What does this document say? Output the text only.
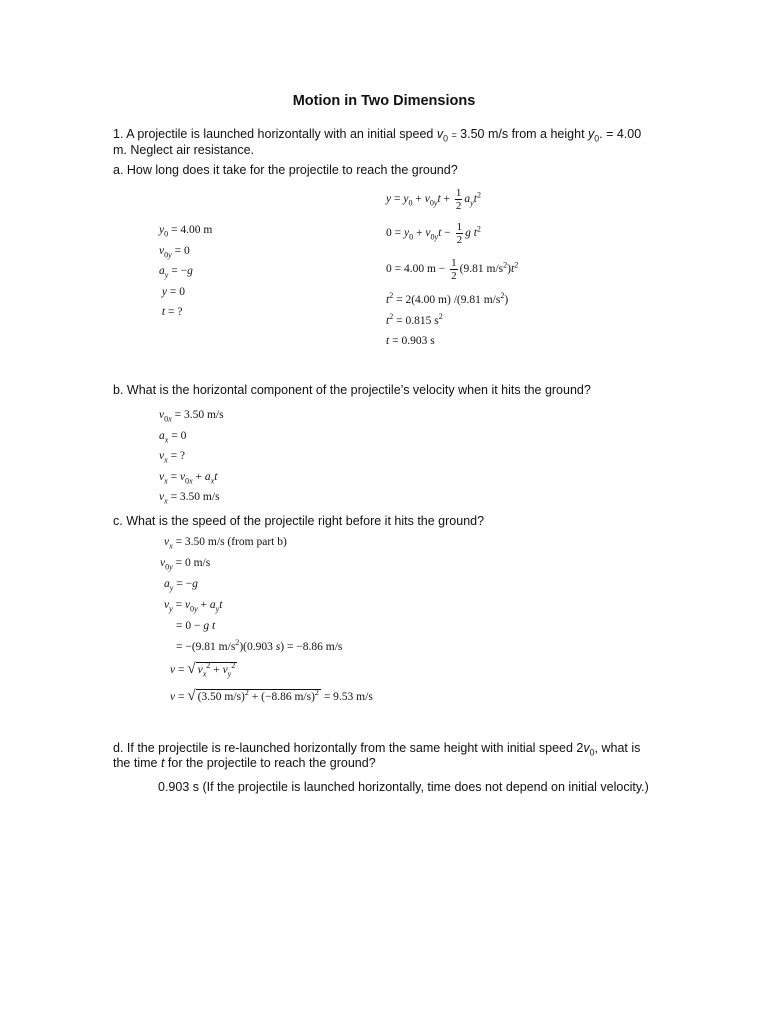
Motion in Two Dimensions
1. A projectile is launched horizontally with an initial speed $v_0 = 3.50$ m/s from a height $y_0$. = 4.00
m. Neglect air resistance.
a. How long does it take for the projectile to reach the ground?
$y_0 = 4.00$ m
$v_{0y} = 0$
$a_y = -g$
y = 0
t = ?
$y = y_0 + v_{0y}t + \frac{1}{2} a_yt^2$
$0 = y_0 + v_{0y}t - \frac{1}{2}$ g $t^2$
0 = 4.00 $m - \frac{1}{2} (9.81$ $m/s^2)t^2$
$t^2 = 2(4.00$ m) /(9.81 $m/s^2$)
$t^2 = 0.815$ $s^2$
t = 0.903 s
b. What is the horizontal component of the projectile’s velocity when it hits the ground?
$v_{0x} = 3.50$ m/s
$a_x = 0$
$v_x$ = ?
$v_x = v_{0x} + a_xt$
$v_x = 3.50$ m/s
c. What is the speed of the projectile right before it hits the ground?
$v_x = 3.50$ m/s (from part b)
$v_{0y} = 0$ m/s
$a_y = -g$
$v_y = v_{0y} + a_yt$
= 0 − g t
= −(9.81 $m/s^2)(0.903$ s) = −8.86 m/s
v = √ $v_x^2 + v_y^2$
v = √ (3.50 m/s)$^2$ + (−8.86 m/s)$^2$ = 9.53 m/s
d. If the projectile is re-launched horizontally from the same height with initial speed $2v_0$, what is
the time t for the projectile to reach the ground?
0.903 s (If the projectile is launched horizontally, time does not depend on initial velocity.)
